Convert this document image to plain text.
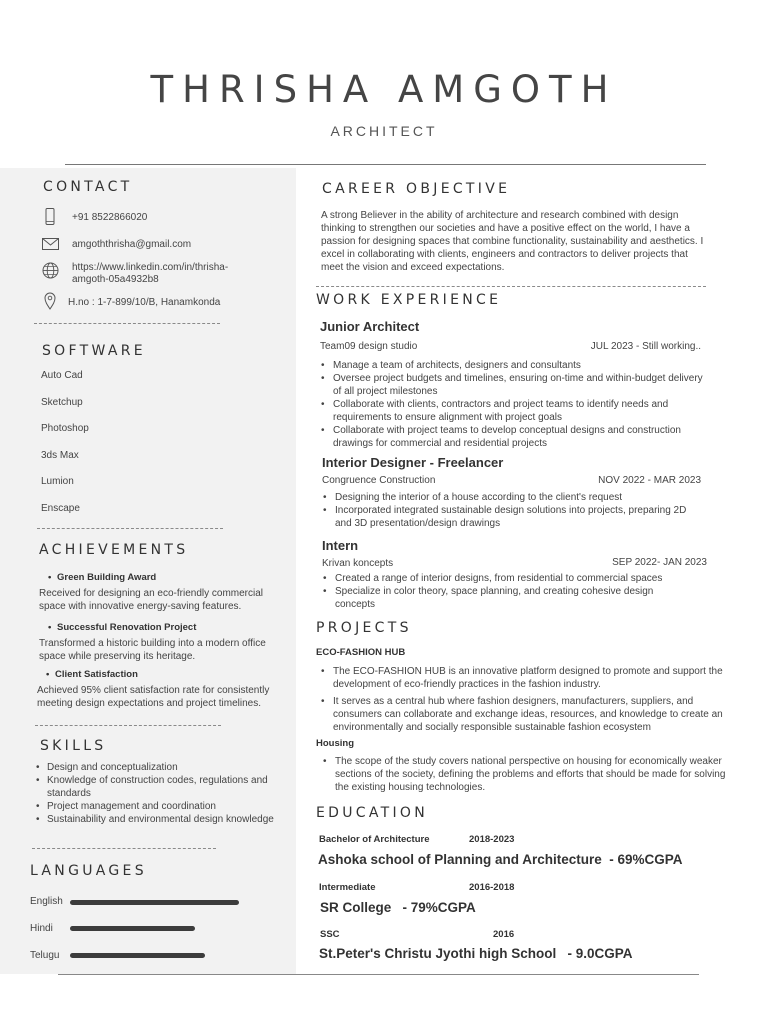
THRISHA AMGOTH
ARCHITECT
CONTACT
+91 8522866020
amgoththrisha@gmail.com
https://www.linkedin.com/in/thrisha-
amgoth-05a4932b8
H.no : 1-7-899/10/B, Hanamkonda
SOFTWARE
Auto Cad
Sketchup
Photoshop
3ds Max
Lumion
Enscape
ACHIEVEMENTS
• Green Building Award
Received for designing an eco-friendly commercial space with innovative energy-saving features.
• Successful Renovation Project
Transformed a historic building into a modern office space while preserving its heritage.
• Client Satisfaction
Achieved 95% client satisfaction rate for consistently meeting design expectations and project timelines.
SKILLS
• Design and conceptualization
• Knowledge of construction codes, regulations and standards
• Project management and coordination
• Sustainability and environmental design knowledge
LANGUAGES
English
Hindi
Telugu
CAREER OBJECTIVE
A strong Believer in the ability of architecture and research combined with design thinking to strengthen our societies and have a positive effect on the world, I have a passion for designing spaces that combine functionality, sustainability and aesthetics. I excel in collaborating with clients, engineers and contractors to deliver projects that meet the vision and exceed expectations.
WORK EXPERIENCE
Junior Architect
Team09 design studio	JUL 2023 - Still working..
• Manage a team of architects, designers and consultants
• Oversee project budgets and timelines, ensuring on-time and within-budget delivery of all project milestones
• Collaborate with clients, contractors and project teams to identify needs and requirements to ensure alignment with project goals
• Collaborate with project teams to develop conceptual designs and construction drawings for commercial and residential projects
Interior Designer - Freelancer
Congruence Construction	NOV 2022 - MAR 2023
• Designing the interior of a house according to the client's request
• Incorporated integrated sustainable design solutions into projects, preparing 2D and 3D presentation/design drawings
Intern
Krivan koncepts	SEP 2022- JAN 2023
• Created a range of interior designs, from residential to commercial spaces
• Specialize in color theory, space planning, and creating cohesive design concepts
PROJECTS
ECO-FASHION HUB
• The ECO-FASHION HUB is an innovative platform designed to promote and support the development of eco-friendly practices in the fashion industry.
• It serves as a central hub where fashion designers, manufacturers, suppliers, and consumers can collaborate and exchange ideas, resources, and knowledge to create an environmentally and socially responsible sustainable fashion ecosystem
Housing
• The scope of the study covers national perspective on housing for economically weaker sections of the society, defining the problems and efforts that should be made for solving the existing housing technologies.
EDUCATION
Bachelor of Architecture	2018-2023
Ashoka school of Planning and Architecture  - 69%CGPA
Intermediate	2016-2018
SR College   - 79%CGPA
SSC	2016
St.Peter's Christu Jyothi high School   - 9.0CGPA
